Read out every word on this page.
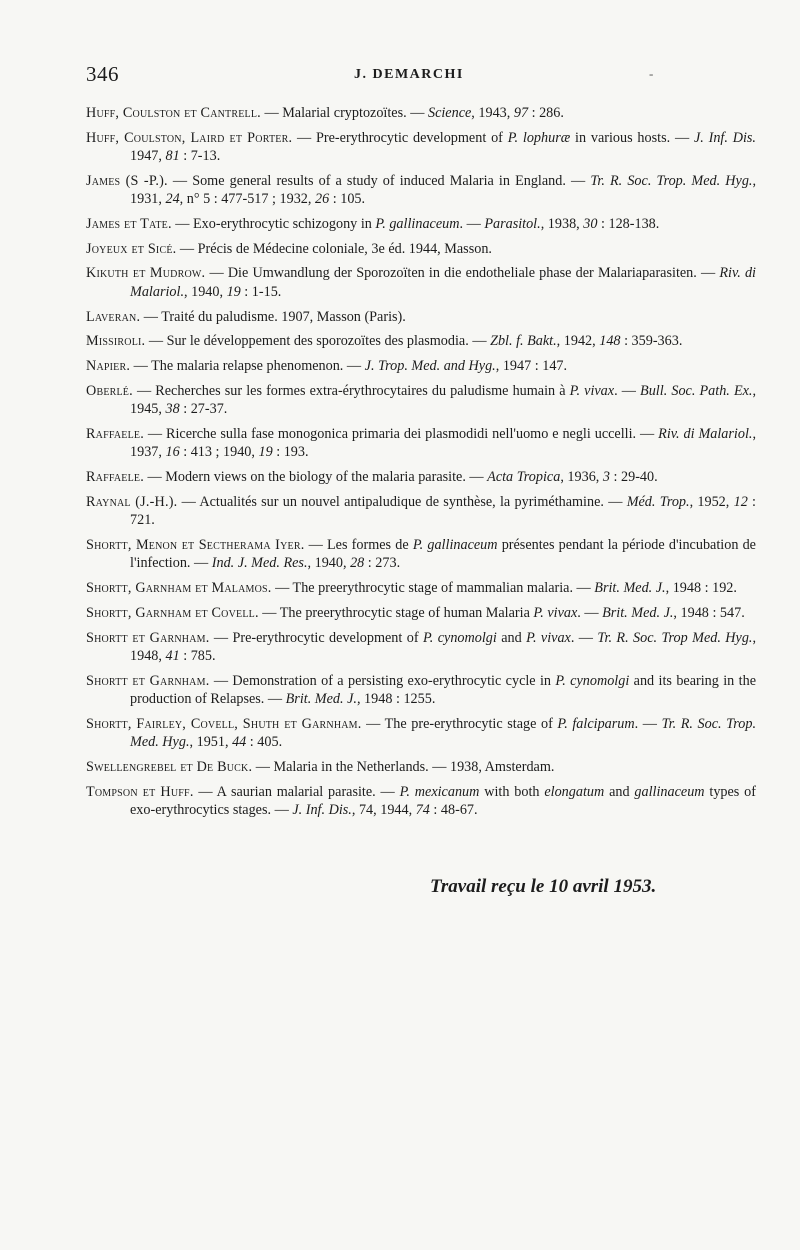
346	J. DEMARCHI	-

Huff, Coulston et Cantrell. — Malarial cryptozoïtes. — Science, 1943, 97 : 286.

Huff, Coulston, Laird et Porter. — Pre-erythrocytic development of P. lophuræ in various hosts. — J. Inf. Dis. 1947, 81 : 7-13.

James (S -P.). — Some general results of a study of induced Malaria in England. — Tr. R. Soc. Trop. Med. Hyg., 1931, 24, n° 5 : 477-517 ; 1932, 26 : 105.

James et Tate. — Exo-erythrocytic schizogony in P. gallinaceum. — Parasitol., 1938, 30 : 128-138.

Joyeux et Sicé. — Précis de Médecine coloniale, 3e éd. 1944, Masson.

Kikuth et Mudrow. — Die Umwandlung der Sporozoïten in die endotheliale phase der Malariaparasiten. — Riv. di Malariol., 1940, 19 : 1-15.

Laveran. — Traité du paludisme. 1907, Masson (Paris).

Missiroli. — Sur le développement des sporozoïtes des plasmodia. — Zbl. f. Bakt., 1942, 148 : 359-363.

Napier. — The malaria relapse phenomenon. — J. Trop. Med. and Hyg., 1947 : 147.

Oberlé. — Recherches sur les formes extra-érythrocytaires du paludisme humain à P. vivax. — Bull. Soc. Path. Ex., 1945, 38 : 27-37.

Raffaele. — Ricerche sulla fase monogonica primaria dei plasmodidi nell'uomo e negli uccelli. — Riv. di Malariol., 1937, 16 : 413 ; 1940, 19 : 193.

Raffaele. — Modern views on the biology of the malaria parasite. — Acta Tropica, 1936, 3 : 29-40.

Raynal (J.-H.). — Actualités sur un nouvel antipaludique de synthèse, la pyriméthamine. — Méd. Trop., 1952, 12 : 721.

Shortt, Menon et Sectherama Iyer. — Les formes de P. gallinaceum présentes pendant la période d'incubation de l'infection. — Ind. J. Med. Res., 1940, 28 : 273.

Shortt, Garnham et Malamos. — The preerythrocytic stage of mammalian malaria. — Brit. Med. J., 1948 : 192.

Shortt, Garnham et Covell. — The preerythrocytic stage of human Malaria P. vivax. — Brit. Med. J., 1948 : 547.

Shortt et Garnham. — Pre-erythrocytic development of P. cynomolgi and P. vivax. — Tr. R. Soc. Trop Med. Hyg., 1948, 41 : 785.

Shortt et Garnham. — Demonstration of a persisting exo-erythrocytic cycle in P. cynomolgi and its bearing in the production of Relapses. — Brit. Med. J., 1948 : 1255.

Shortt, Fairley, Covell, Shuth et Garnham. — The pre-erythrocytic stage of P. falciparum. — Tr. R. Soc. Trop. Med. Hyg., 1951, 44 : 405.

Swellengrebel et De Buck. — Malaria in the Netherlands. — 1938, Amsterdam.

Tompson et Huff. — A saurian malarial parasite. — P. mexicanum with both elongatum and gallinaceum types of exo-erythrocytics stages. — J. Inf. Dis., 74, 1944, 74 : 48-67.

Travail reçu le 10 avril 1953.
